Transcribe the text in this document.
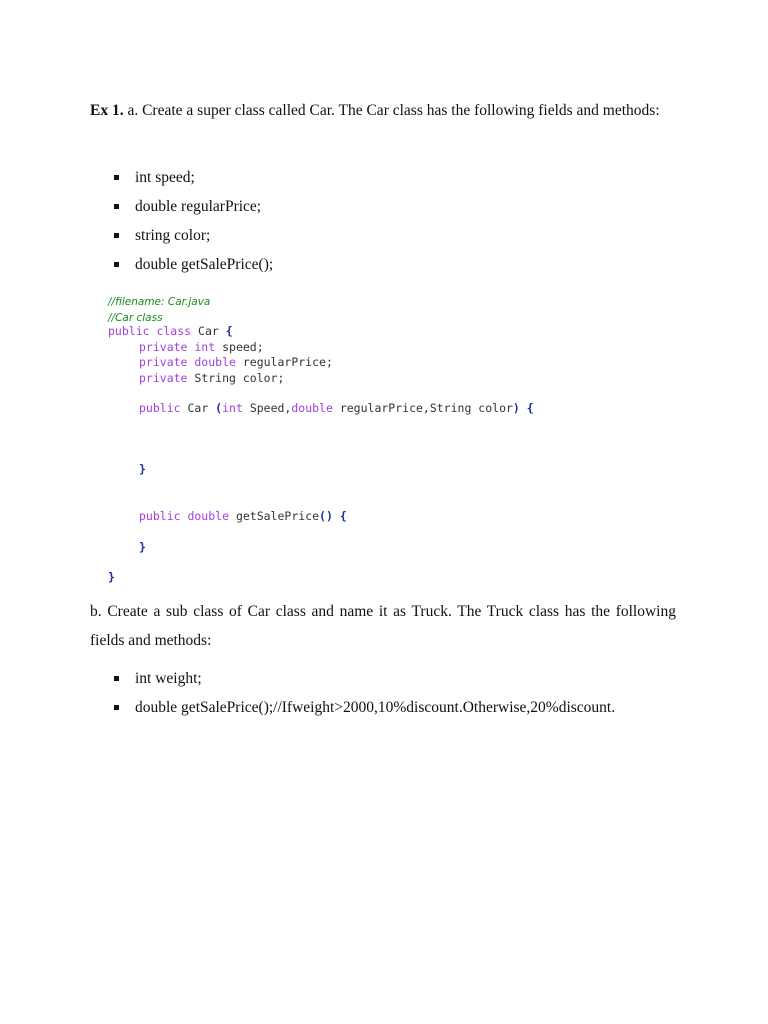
Ex 1. a. Create a super class called Car. The Car class has the following fields and methods:
int speed;
double regularPrice;
string color;
double getSalePrice();
//filename: Car.java
//Car class
public class Car {
private int speed;
private double regularPrice;
private String color;
public Car (int Speed,double regularPrice,String color) {
}
public double getSalePrice() {
}
}
b. Create a sub class of Car class and name it as Truck. The Truck class has the following fields and methods:
int weight;
double getSalePrice();//Ifweight>2000,10%discount.Otherwise,20%discount.
